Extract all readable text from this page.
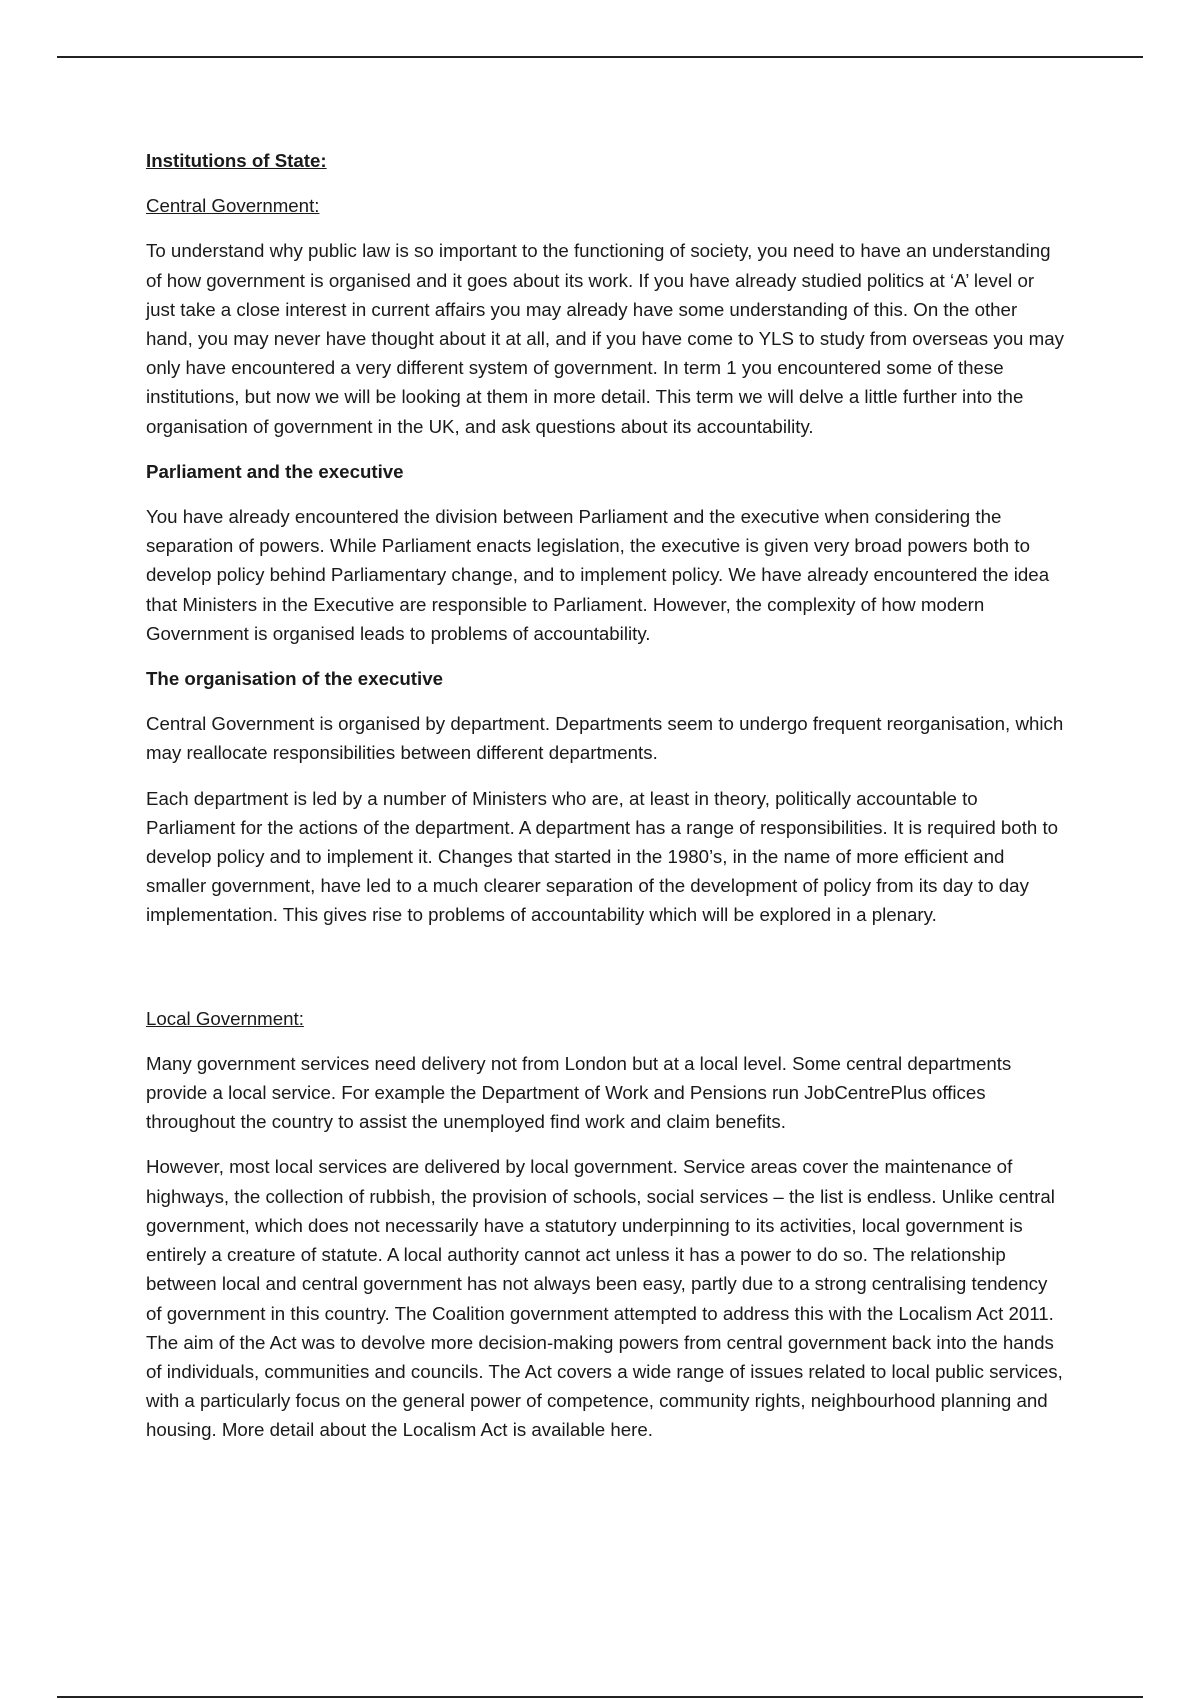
Institutions of State:

Central Government:

To understand why public law is so important to the functioning of society, you need to have an understanding of how government is organised and it goes about its work. If you have already studied politics at ‘A’ level or just take a close interest in current affairs you may already have some understanding of this. On the other hand, you may never have thought about it at all, and if you have come to YLS to study from overseas you may only have encountered a very different system of government. In term 1 you encountered some of these institutions, but now we will be looking at them in more detail. This term we will delve a little further into the organisation of government in the UK, and ask questions about its accountability.

Parliament and the executive

You have already encountered the division between Parliament and the executive when considering the separation of powers. While Parliament enacts legislation, the executive is given very broad powers both to develop policy behind Parliamentary change, and to implement policy. We have already encountered the idea that Ministers in the Executive are responsible to Parliament. However, the complexity of how modern Government is organised leads to problems of accountability.

The organisation of the executive

Central Government is organised by department. Departments seem to undergo frequent reorganisation, which may reallocate responsibilities between different departments.

Each department is led by a number of Ministers who are, at least in theory, politically accountable to Parliament for the actions of the department. A department has a range of responsibilities. It is required both to develop policy and to implement it. Changes that started in the 1980’s, in the name of more efficient and smaller government, have led to a much clearer separation of the development of policy from its day to day implementation. This gives rise to problems of accountability which will be explored in a plenary.

Local Government:

Many government services need delivery not from London but at a local level. Some central departments provide a local service. For example the Department of Work and Pensions run JobCentrePlus offices throughout the country to assist the unemployed find work and claim benefits.

However, most local services are delivered by local government. Service areas cover the maintenance of highways, the collection of rubbish, the provision of schools, social services – the list is endless. Unlike central government, which does not necessarily have a statutory underpinning to its activities, local government is entirely a creature of statute. A local authority cannot act unless it has a power to do so. The relationship between local and central government has not always been easy, partly due to a strong centralising tendency of government in this country. The Coalition government attempted to address this with the Localism Act 2011. The aim of the Act was to devolve more decision-making powers from central government back into the hands of individuals, communities and councils. The Act covers a wide range of issues related to local public services, with a particularly focus on the general power of competence, community rights, neighbourhood planning and housing. More detail about the Localism Act is available here.
